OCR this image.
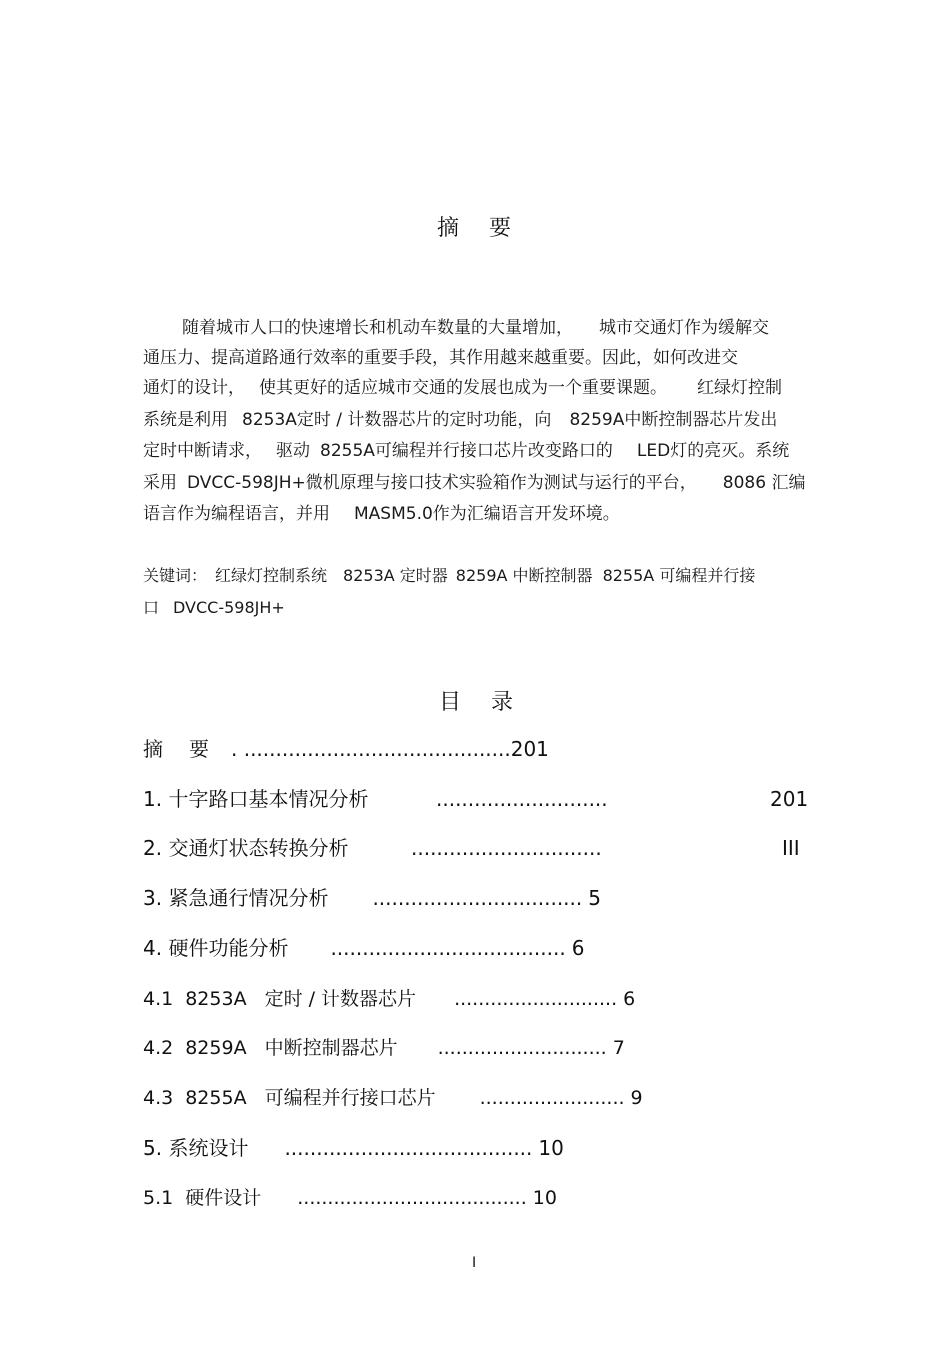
摘 要
随着城市人口的快速增长和机动车数量的大量增加， 城市交通灯作为缓解交
通压力、提高道路通行效率的重要手段，其作用越来越重要。因此，如何改进交
通灯的设计， 使其更好的适应城市交通的发展也成为一个重要课题。 红绿灯控制
系统是利用 8253A定时 / 计数器芯片的定时功能，向 8259A中断控制器芯片发出
定时中断请求， 驱动 8255A可编程并行接口芯片改变路口的 LED灯的亮灭。系统
采用 DVCC-598JH+微机原理与接口技术实验箱作为测试与运行的平台， 8086 汇编
语言作为编程语言，并用 MASM5.0作为汇编语言开发环境。
关键词： 红绿灯控制系统 8253A 定时器 8259A 中断控制器 8255A 可编程并行接
口 DVCC-598JH+
目 录
摘 要 . ..........................................201
1. 十字路口基本情况分析	...........................	201
2. 交通灯状态转换分析	..............................	III
3. 紧急通行情况分析 ................................. 5
4. 硬件功能分析 ..................................... 6
4.1 8253A 定时 / 计数器芯片 ........................... 6
4.2 8259A 中断控制器芯片 ............................ 7
4.3 8255A 可编程并行接口芯片 ........................ 9
5. 系统设计 ....................................... 10
5.1 硬件设计 ...................................... 10
I
